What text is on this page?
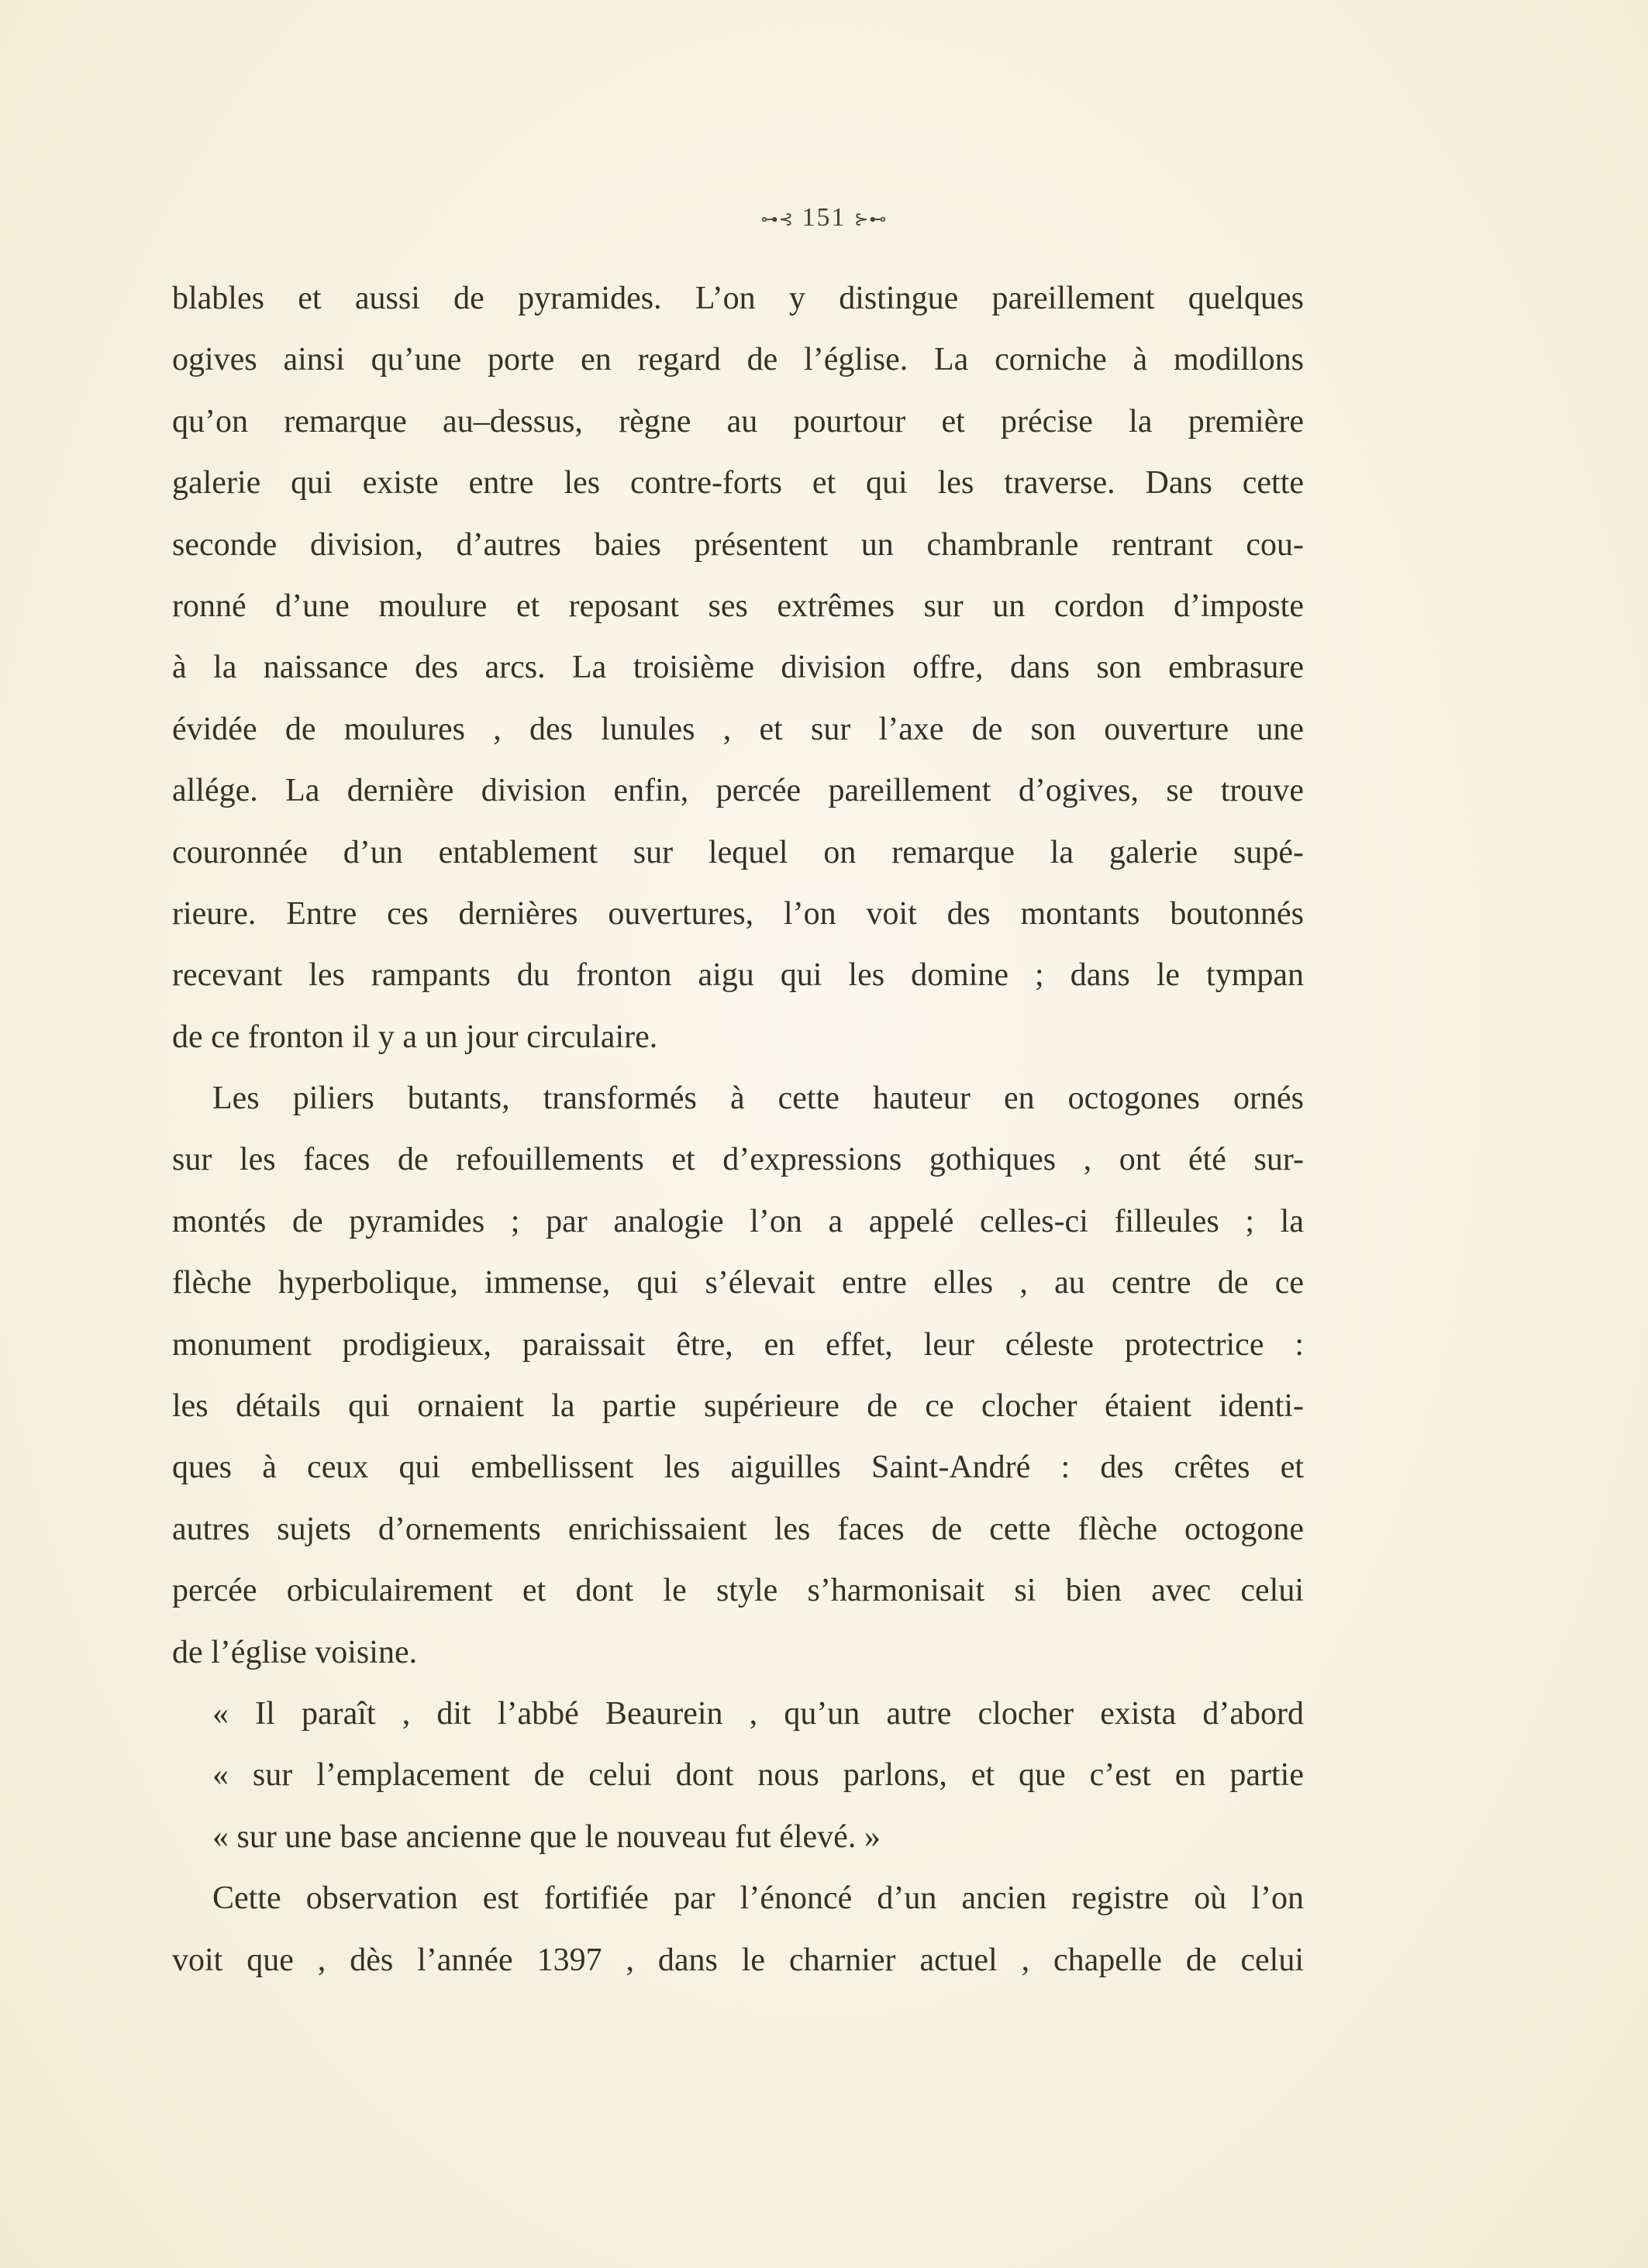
⊶⊰ 151 ⊱⊷
blables et aussi de pyramides. L’on y distingue pareillement quelques
ogives ainsi qu’une porte en regard de l’église. La corniche à modillons
qu’on remarque au–dessus, règne au pourtour et précise la première
galerie qui existe entre les contre-forts et qui les traverse. Dans cette
seconde division, d’autres baies présentent un chambranle rentrant cou-
ronné d’une moulure et reposant ses extrêmes sur un cordon d’imposte
à la naissance des arcs. La troisième division offre, dans son embrasure
évidée de moulures , des lunules , et sur l’axe de son ouverture une
allége. La dernière division enfin, percée pareillement d’ogives, se trouve
couronnée d’un entablement sur lequel on remarque la galerie supé-
rieure. Entre ces dernières ouvertures, l’on voit des montants boutonnés
recevant les rampants du fronton aigu qui les domine ; dans le tympan
de ce fronton il y a un jour circulaire.
Les piliers butants, transformés à cette hauteur en octogones ornés
sur les faces de refouillements et d’expressions gothiques , ont été sur-
montés de pyramides ; par analogie l’on a appelé celles-ci filleules ; la
flèche hyperbolique, immense, qui s’élevait entre elles , au centre de ce
monument prodigieux, paraissait être, en effet, leur céleste protectrice :
les détails qui ornaient la partie supérieure de ce clocher étaient identi-
ques à ceux qui embellissent les aiguilles Saint-André : des crêtes et
autres sujets d’ornements enrichissaient les faces de cette flèche octogone
percée orbiculairement et dont le style s’harmonisait si bien avec celui
de l’église voisine.
« Il paraît , dit l’abbé Beaurein , qu’un autre clocher exista d’abord
« sur l’emplacement de celui dont nous parlons, et que c’est en partie
« sur une base ancienne que le nouveau fut élevé. »
Cette observation est fortifiée par l’énoncé d’un ancien registre où l’on
voit que , dès l’année 1397 , dans le charnier actuel , chapelle de celui
